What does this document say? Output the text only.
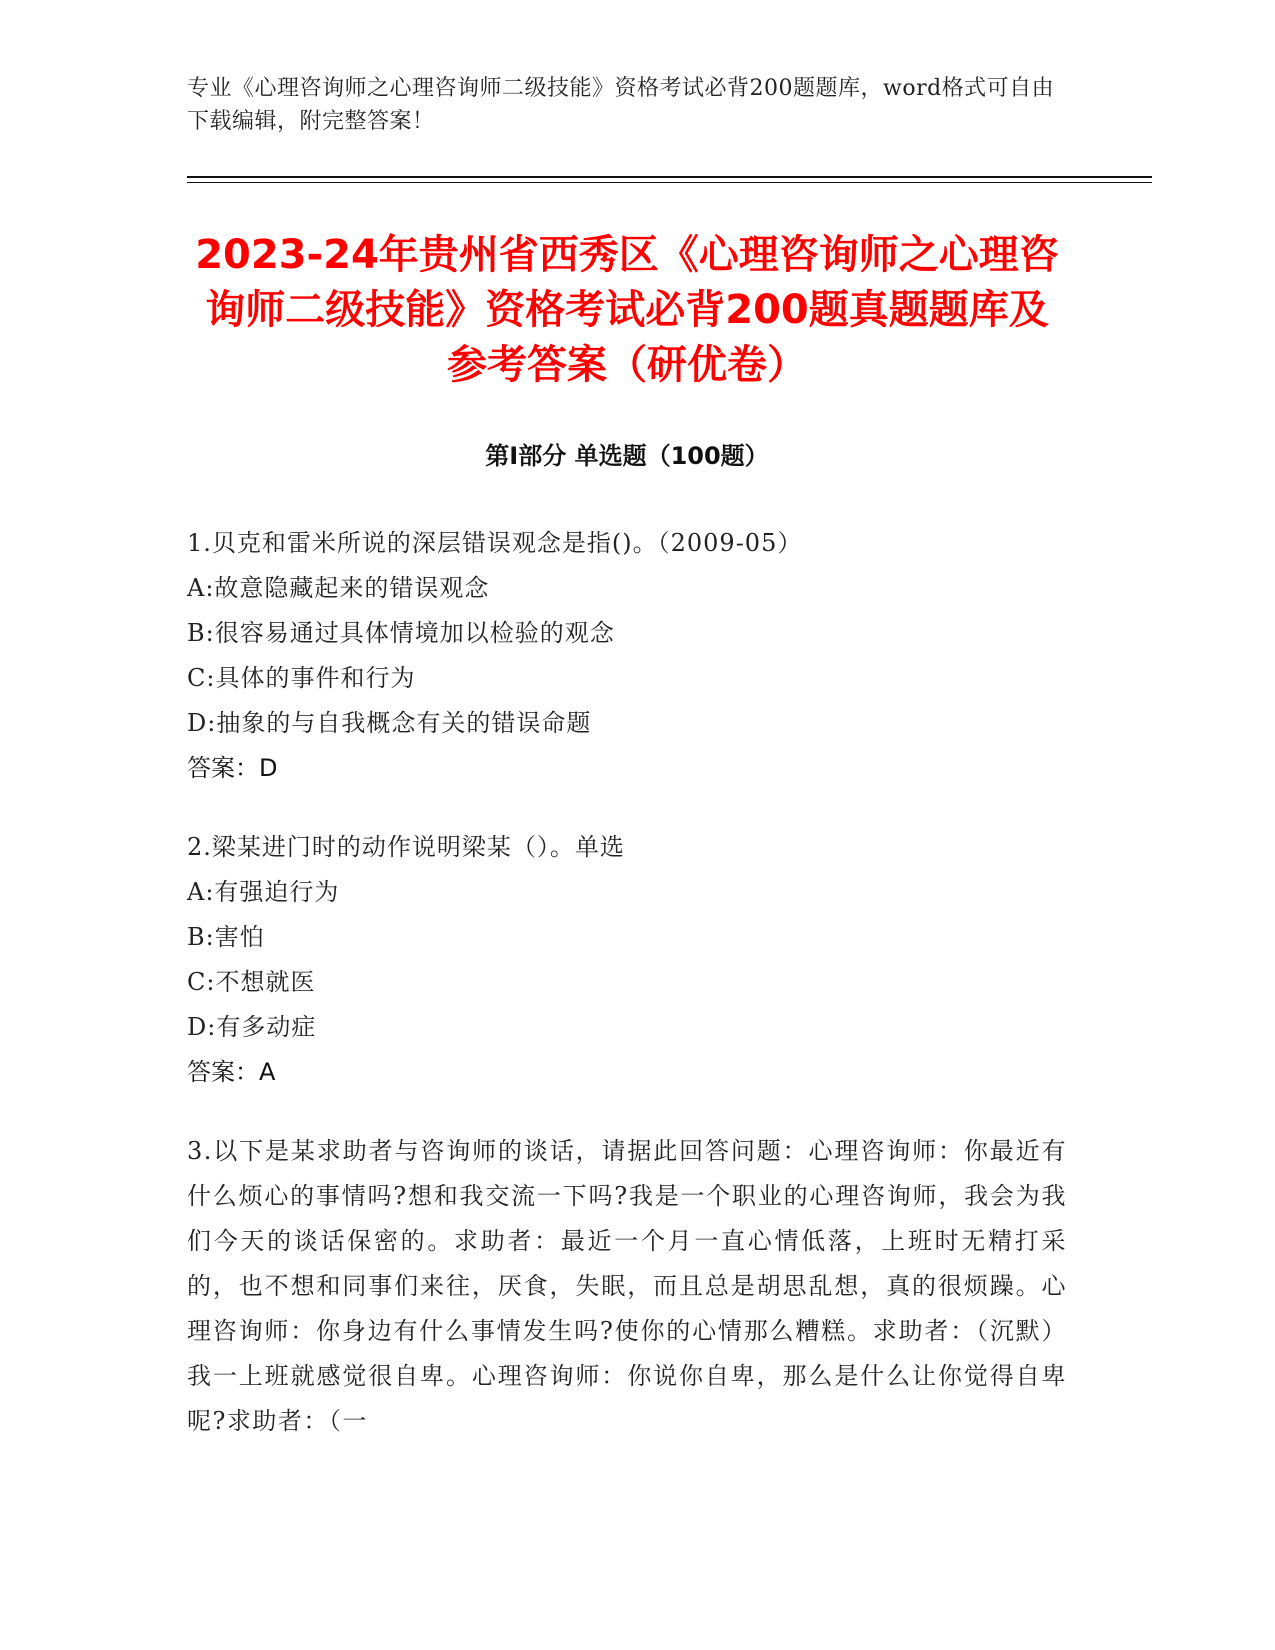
专业《心理咨询师之心理咨询师二级技能》资格考试必背200题题库，word格式可自由下载编辑，附完整答案！
2023-24年贵州省西秀区《心理咨询师之心理咨询师二级技能》资格考试必背200题真题题库及参考答案（研优卷）
第Ⅰ部分 单选题（100题）
1.贝克和雷米所说的深层错误观念是指()。（2009-05）
A:故意隐藏起来的错误观念
B:很容易通过具体情境加以检验的观念
C:具体的事件和行为
D:抽象的与自我概念有关的错误命题
答案：D
2.梁某进门时的动作说明梁某（）。单选
A:有强迫行为
B:害怕
C:不想就医
D:有多动症
答案：A
3.以下是某求助者与咨询师的谈话，请据此回答问题：心理咨询师：你最近有什么烦心的事情吗?想和我交流一下吗?我是一个职业的心理咨询师，我会为我们今天的谈话保密的。求助者：最近一个月一直心情低落，上班时无精打采的，也不想和同事们来往，厌食，失眠，而且总是胡思乱想，真的很烦躁。心理咨询师：你身边有什么事情发生吗?使你的心情那么糟糕。求助者：（沉默）我一上班就感觉很自卑。心理咨询师：你说你自卑，那么是什么让你觉得自卑呢?求助者：（一
